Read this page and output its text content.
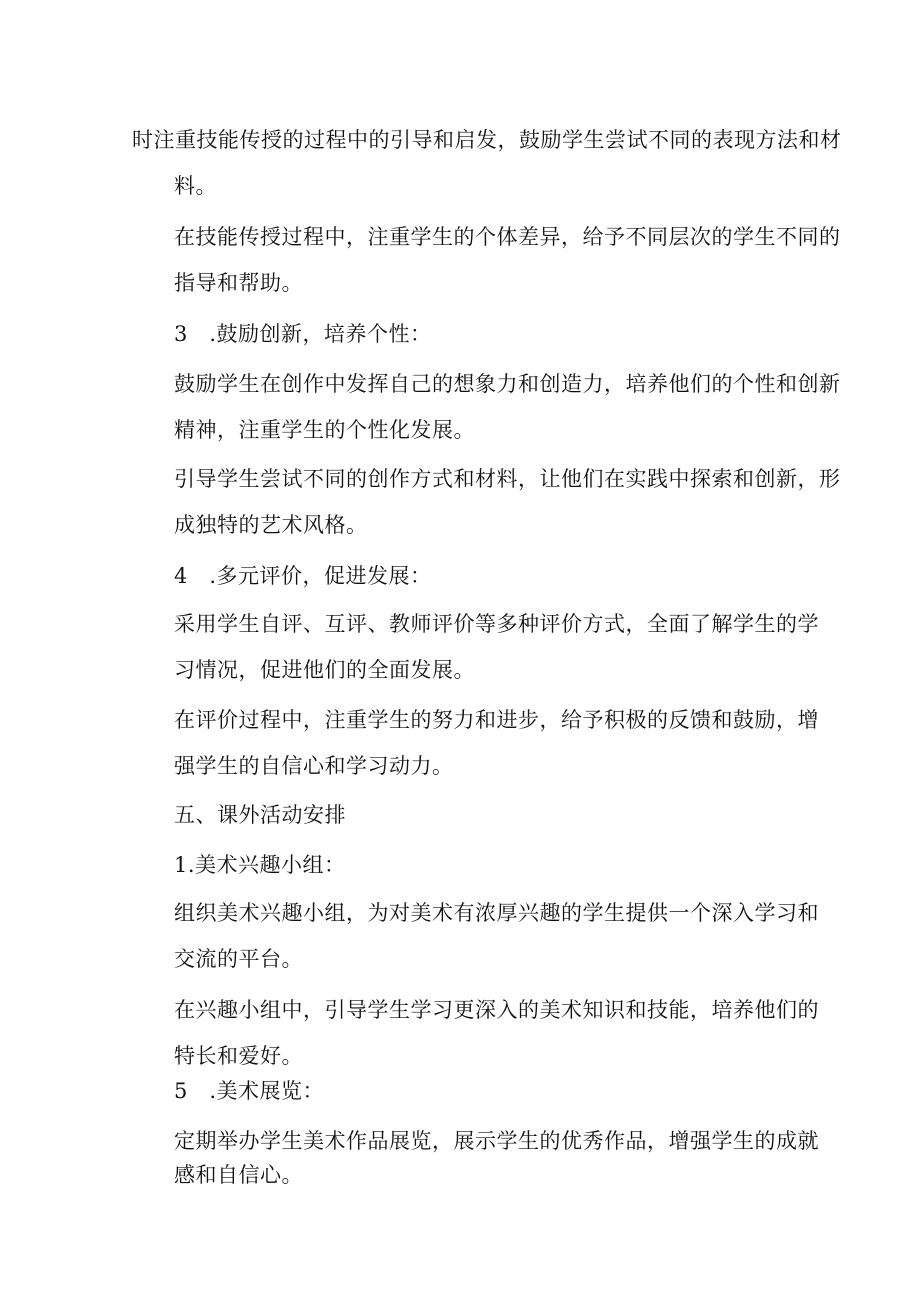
时注重技能传授的过程中的引导和启发，鼓励学生尝试不同的表现方法和材
料。
在技能传授过程中，注重学生的个体差异，给予不同层次的学生不同的
指导和帮助。
3　.鼓励创新，培养个性：
鼓励学生在创作中发挥自己的想象力和创造力，培养他们的个性和创新
精神，注重学生的个性化发展。
引导学生尝试不同的创作方式和材料，让他们在实践中探索和创新，形
成独特的艺术风格。
4　.多元评价，促进发展：
采用学生自评、互评、教师评价等多种评价方式，全面了解学生的学
习情况，促进他们的全面发展。
在评价过程中，注重学生的努力和进步，给予积极的反馈和鼓励，增
强学生的自信心和学习动力。
五、课外活动安排
1.美术兴趣小组：
组织美术兴趣小组，为对美术有浓厚兴趣的学生提供一个深入学习和
交流的平台。
在兴趣小组中，引导学生学习更深入的美术知识和技能，培养他们的
特长和爱好。
5　.美术展览：
定期举办学生美术作品展览，展示学生的优秀作品，增强学生的成就
感和自信心。
